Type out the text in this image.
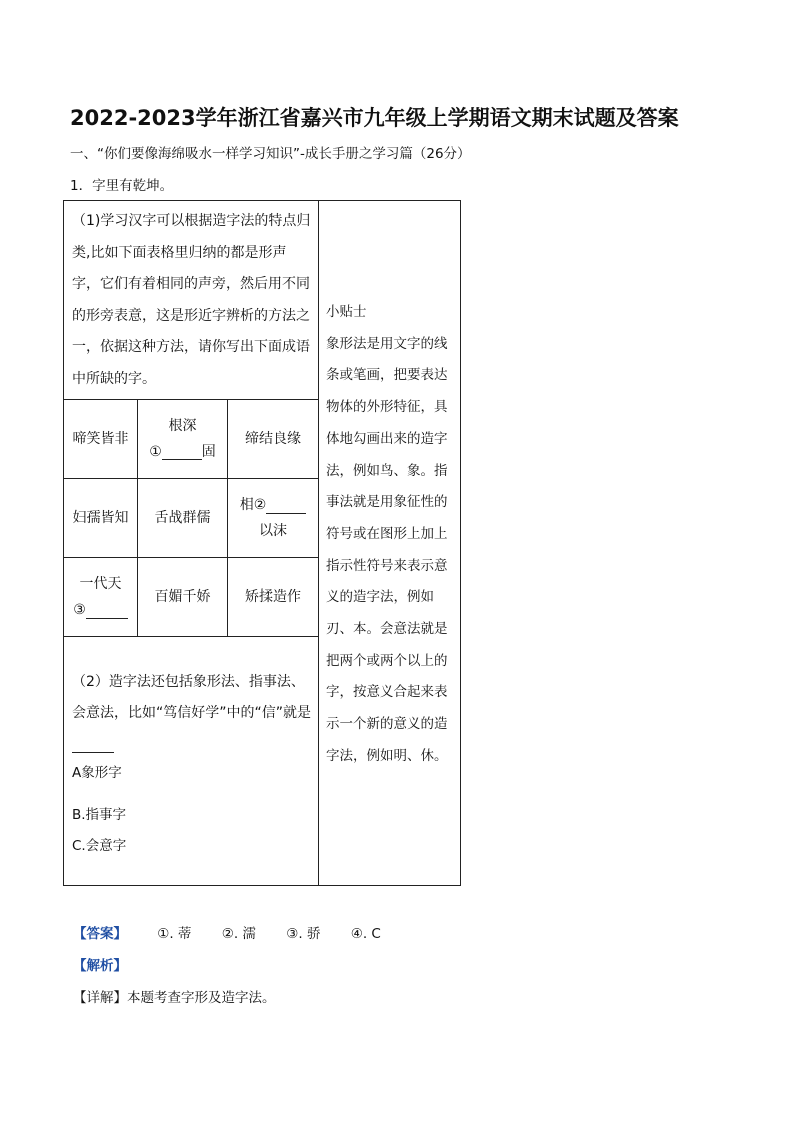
2022-2023学年浙江省嘉兴市九年级上学期语文期末试题及答案
一、“你们要像海绵吸水一样学习知识”-成长手册之学习篇（26分）
1．字里有乾坤。
（1)学习汉字可以根据造字法的特点归类,比如下面表格里归纳的都是形声字，它们有着相同的声旁，然后用不同的形旁表意，这是形近字辨析的方法之一，依据这种方法，请你写出下面成语中所缺的字。
啼笑皆非
根深
①	固
缔结良缘
妇孺皆知 舌战群儒
相②
以沫
一代天
③
百媚千娇 矫揉造作
（2）造字法还包括象形法、指事法、会意法，比如“笃信好学”中的“信”就是
A象形字
B.指事字
C.会意字
小贴士
象形法是用文字的线条或笔画，把要表达物体的外形特征，具体地勾画出来的造字法，例如鸟、象。指事法就是用象征性的符号或在图形上加上指示性符号来表示意义的造字法，例如刃、本。会意法就是把两个或两个以上的字，按意义合起来表示一个新的意义的造字法，例如明、休。
【答案】 ①. 蒂 ②. 濡 ③. 骄 ④. C
【解析】
【详解】本题考查字形及造字法。
